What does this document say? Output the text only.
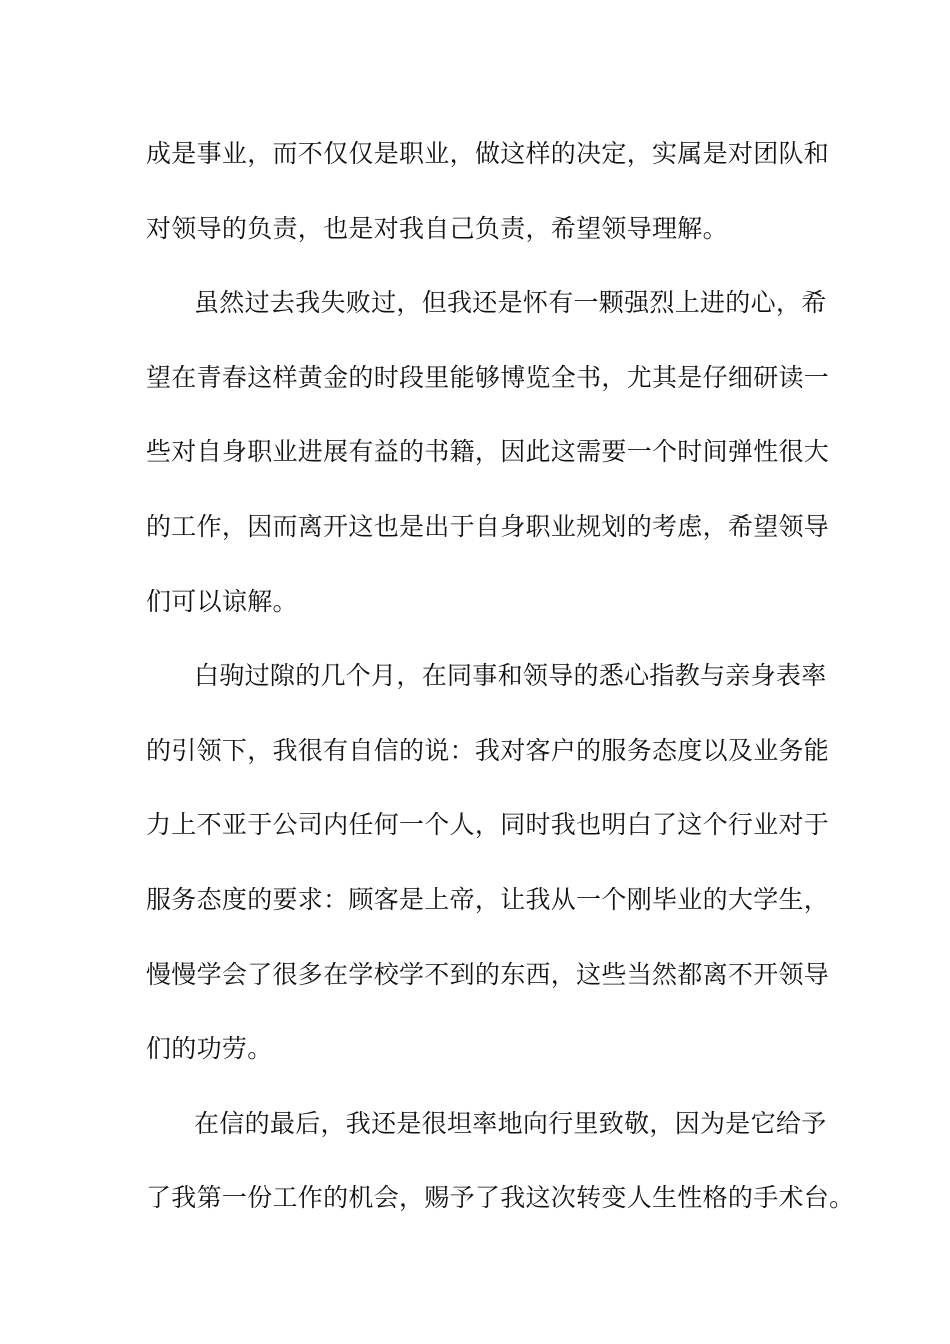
成是事业，而不仅仅是职业，做这样的决定，实属是对团队和
对领导的负责，也是对我自己负责，希望领导理解。
虽然过去我失败过，但我还是怀有一颗强烈上进的心，希
望在青春这样黄金的时段里能够博览全书，尤其是仔细研读一
些对自身职业进展有益的书籍，因此这需要一个时间弹性很大
的工作，因而离开这也是出于自身职业规划的考虑，希望领导
们可以谅解。
白驹过隙的几个月，在同事和领导的悉心指教与亲身表率
的引领下，我很有自信的说：我对客户的服务态度以及业务能
力上不亚于公司内任何一个人，同时我也明白了这个行业对于
服务态度的要求：顾客是上帝，让我从一个刚毕业的大学生，
慢慢学会了很多在学校学不到的东西，这些当然都离不开领导
们的功劳。
在信的最后，我还是很坦率地向行里致敬，因为是它给予
了我第一份工作的机会，赐予了我这次转变人生性格的手术台。
